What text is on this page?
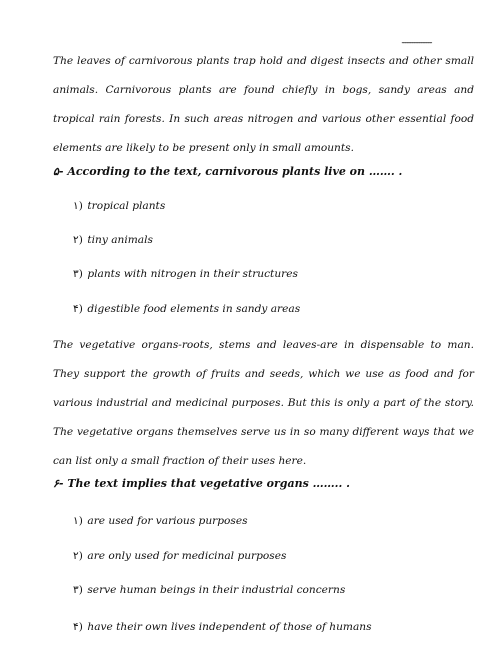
ـــــــــــــــــ

The leaves of carnivorous plants trap hold and digest insects and other small animals. Carnivorous plants are found chiefly in bogs, sandy areas and tropical rain forests. In such areas nitrogen and various other essential food elements are likely to be present only in small amounts.

۵- According to the text, carnivorous plants live on ……. .
۱) tropical plants
۲) tiny animals
۳) plants with nitrogen in their structures
۴) digestible food elements in sandy areas

The vegetative organs-roots, stems and leaves-are in dispensable to man. They support the growth of fruits and seeds, which we use as food and for various industrial and medicinal purposes. But this is only a part of the story. The vegetative organs themselves serve us in so many different ways that we can list only a small fraction of their uses here.

۶- The text implies that vegetative organs …….. .
۱) are used for various purposes
۲) are only used for medicinal purposes
۳) serve human beings in their industrial concerns
۴) have their own lives independent of those of humans
